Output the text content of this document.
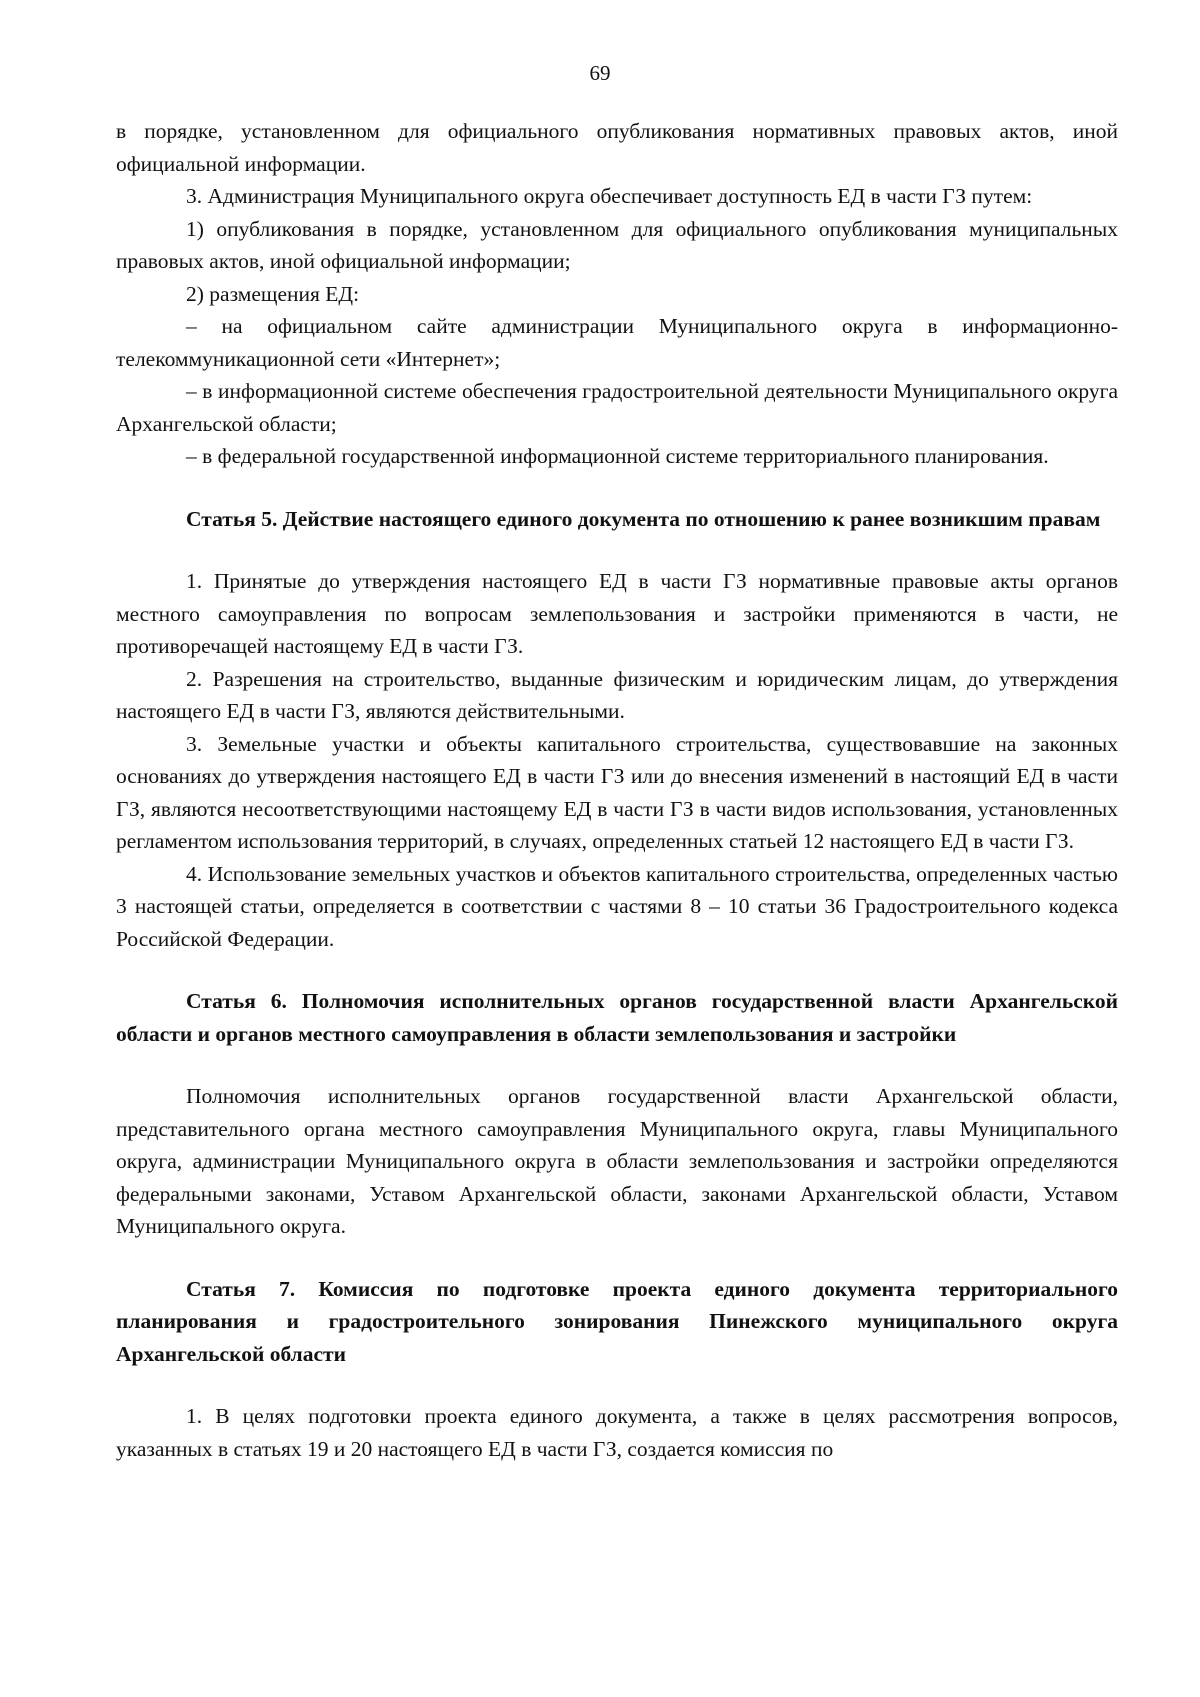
69

в порядке, установленном для официального опубликования нормативных правовых актов, иной официальной информации.

3. Администрация Муниципального округа обеспечивает доступность ЕД в части ГЗ путем:

1) опубликования в порядке, установленном для официального опубликования муниципальных правовых актов, иной официальной информации;

2) размещения ЕД:

– на официальном сайте администрации Муниципального округа в информационно-телекоммуникационной сети «Интернет»;

– в информационной системе обеспечения градостроительной деятельности Муниципального округа Архангельской области;

– в федеральной государственной информационной системе территориального планирования.

Статья 5. Действие настоящего единого документа по отношению к ранее возникшим правам

1. Принятые до утверждения настоящего ЕД в части ГЗ нормативные правовые акты органов местного самоуправления по вопросам землепользования и застройки применяются в части, не противоречащей настоящему ЕД в части ГЗ.

2. Разрешения на строительство, выданные физическим и юридическим лицам, до утверждения настоящего ЕД в части ГЗ, являются действительными.

3. Земельные участки и объекты капитального строительства, существовавшие на законных основаниях до утверждения настоящего ЕД в части ГЗ или до внесения изменений в настоящий ЕД в части ГЗ, являются несоответствующими настоящему ЕД в части ГЗ в части видов использования, установленных регламентом использования территорий, в случаях, определенных статьей 12 настоящего ЕД в части ГЗ.

4. Использование земельных участков и объектов капитального строительства, определенных частью 3 настоящей статьи, определяется в соответствии с частями 8 – 10 статьи 36 Градостроительного кодекса Российской Федерации.

Статья 6. Полномочия исполнительных органов государственной власти Архангельской области и органов местного самоуправления в области землепользования и застройки

Полномочия исполнительных органов государственной власти Архангельской области, представительного органа местного самоуправления Муниципального округа, главы Муниципального округа, администрации Муниципального округа в области землепользования и застройки определяются федеральными законами, Уставом Архангельской области, законами Архангельской области, Уставом Муниципального округа.

Статья 7. Комиссия по подготовке проекта единого документа территориального планирования и градостроительного зонирования Пинежского муниципального округа Архангельской области

1. В целях подготовки проекта единого документа, а также в целях рассмотрения вопросов, указанных в статьях 19 и 20 настоящего ЕД в части ГЗ, создается комиссия по
